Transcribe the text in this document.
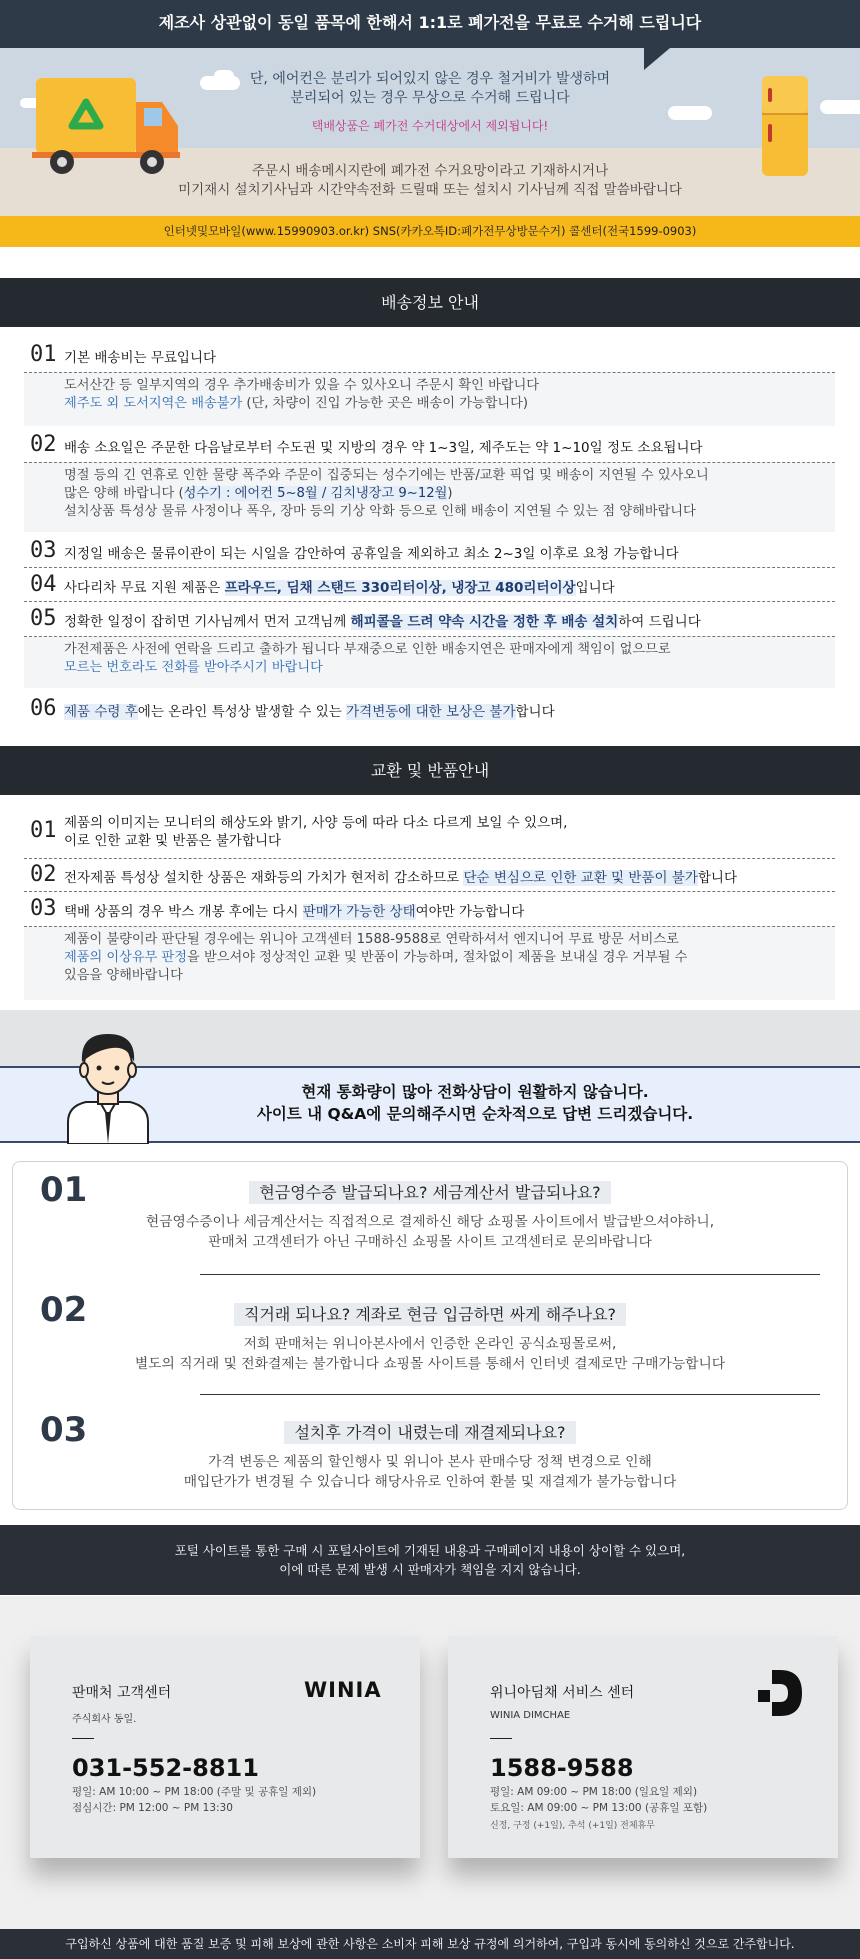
제조사 상관없이 동일 품목에 한해서 1:1로 폐가전을 무료로 수거해 드립니다
단, 에어컨은 분리가 되어있지 않은 경우 철거비가 발생하며
분리되어 있는 경우 무상으로 수거해 드립니다
택배상품은 폐가전 수거대상에서 제외됩니다!
주문시 배송메시지란에 폐가전 수거요망이라고 기재하시거나
미기재시 설치기사님과 시간약속전화 드릴때 또는 설치시 기사님께 직접 말씀바랍니다
인터넷및모바일(www.15990903.or.kr) SNS(카카오톡ID:폐가전무상방문수거) 콜센터(전국1599-0903)
배송정보 안내
01 기본 배송비는 무료입니다
도서산간 등 일부지역의 경우 추가배송비가 있을 수 있사오니 주문시 확인 바랍니다
제주도 외 도서지역은 배송불가 (단, 차량이 진입 가능한 곳은 배송이 가능합니다)
02 배송 소요일은 주문한 다음날로부터 수도권 및 지방의 경우 약 1~3일, 제주도는 약 1~10일 정도 소요됩니다
명절 등의 긴 연휴로 인한 물량 폭주와 주문이 집중되는 성수기에는 반품/교환 픽업 및 배송이 지연될 수 있사오니
많은 양해 바랍니다 (성수기 : 에어컨 5~8월 / 김치냉장고 9~12월)
설치상품 특성상 물류 사정이나 폭우, 장마 등의 기상 악화 등으로 인해 배송이 지연될 수 있는 점 양해바랍니다
03 지정일 배송은 물류이관이 되는 시일을 감안하여 공휴일을 제외하고 최소 2~3일 이후로 요청 가능합니다
04 사다리차 무료 지원 제품은 프라우드, 딤채 스탠드 330리터이상, 냉장고 480리터이상입니다
05 정확한 일정이 잡히면 기사님께서 먼저 고객님께 해피콜을 드려 약속 시간을 정한 후 배송 설치하여 드립니다
가전제품은 사전에 연락을 드리고 출하가 됩니다 부재중으로 인한 배송지연은 판매자에게 책임이 없으므로
모르는 번호라도 전화를 받아주시기 바랍니다
06 제품 수령 후에는 온라인 특성상 발생할 수 있는 가격변동에 대한 보상은 불가합니다
교환 및 반품안내
01 제품의 이미지는 모니터의 해상도와 밝기, 사양 등에 따라 다소 다르게 보일 수 있으며,
이로 인한 교환 및 반품은 불가합니다
02 전자제품 특성상 설치한 상품은 재화등의 가치가 현저히 감소하므로 단순 변심으로 인한 교환 및 반품이 불가합니다
03 택배 상품의 경우 박스 개봉 후에는 다시 판매가 가능한 상태여야만 가능합니다
제품이 불량이라 판단될 경우에는 위니아 고객센터 1588-9588로 연락하셔서 엔지니어 무료 방문 서비스로
제품의 이상유무 판정을 받으셔야 정상적인 교환 및 반품이 가능하며, 절차없이 제품을 보내실 경우 거부될 수
있음을 양해바랍니다
현재 통화량이 많아 전화상담이 원활하지 않습니다.
사이트 내 Q&A에 문의해주시면 순차적으로 답변 드리겠습니다.
01	현금영수증 발급되나요? 세금계산서 발급되나요?
현금영수증이나 세금계산서는 직접적으로 결제하신 해당 쇼핑몰 사이트에서 발급받으셔야하니,
판매처 고객센터가 아닌 구매하신 쇼핑몰 사이트 고객센터로 문의바랍니다
02	직거래 되나요? 계좌로 현금 입금하면 싸게 해주나요?
저희 판매처는 위니아본사에서 인증한 온라인 공식쇼핑몰로써,
별도의 직거래 및 전화결제는 불가합니다 쇼핑몰 사이트를 통해서 인터넷 결제로만 구매가능합니다
03	설치후 가격이 내렸는데 재결제되나요?
가격 변동은 제품의 할인행사 및 위니아 본사 판매수당 정책 변경으로 인해
매입단가가 변경될 수 있습니다 해당사유로 인하여 환불 및 재결제가 불가능합니다
포털 사이트를 통한 구매 시 포털사이트에 기재된 내용과 구매페이지 내용이 상이할 수 있으며,
이에 따른 문제 발생 시 판매자가 책임을 지지 않습니다.
판매처 고객센터	WINIA
주식회사 동일.
031-552-8811
평일: AM 10:00 ~ PM 18:00 (주말 및 공휴일 제외)
점심시간: PM 12:00 ~ PM 13:30
위니아딤채 서비스 센터
WINIA DIMCHAE
1588-9588
평일: AM 09:00 ~ PM 18:00 (일요일 제외)
토요일: AM 09:00 ~ PM 13:00 (공휴일 포함)
신정, 구정 (+1일), 추석 (+1일) 전체휴무
구입하신 상품에 대한 품질 보증 및 피해 보상에 관한 사항은 소비자 피해 보상 규정에 의거하여, 구입과 동시에 동의하신 것으로 간주합니다.
